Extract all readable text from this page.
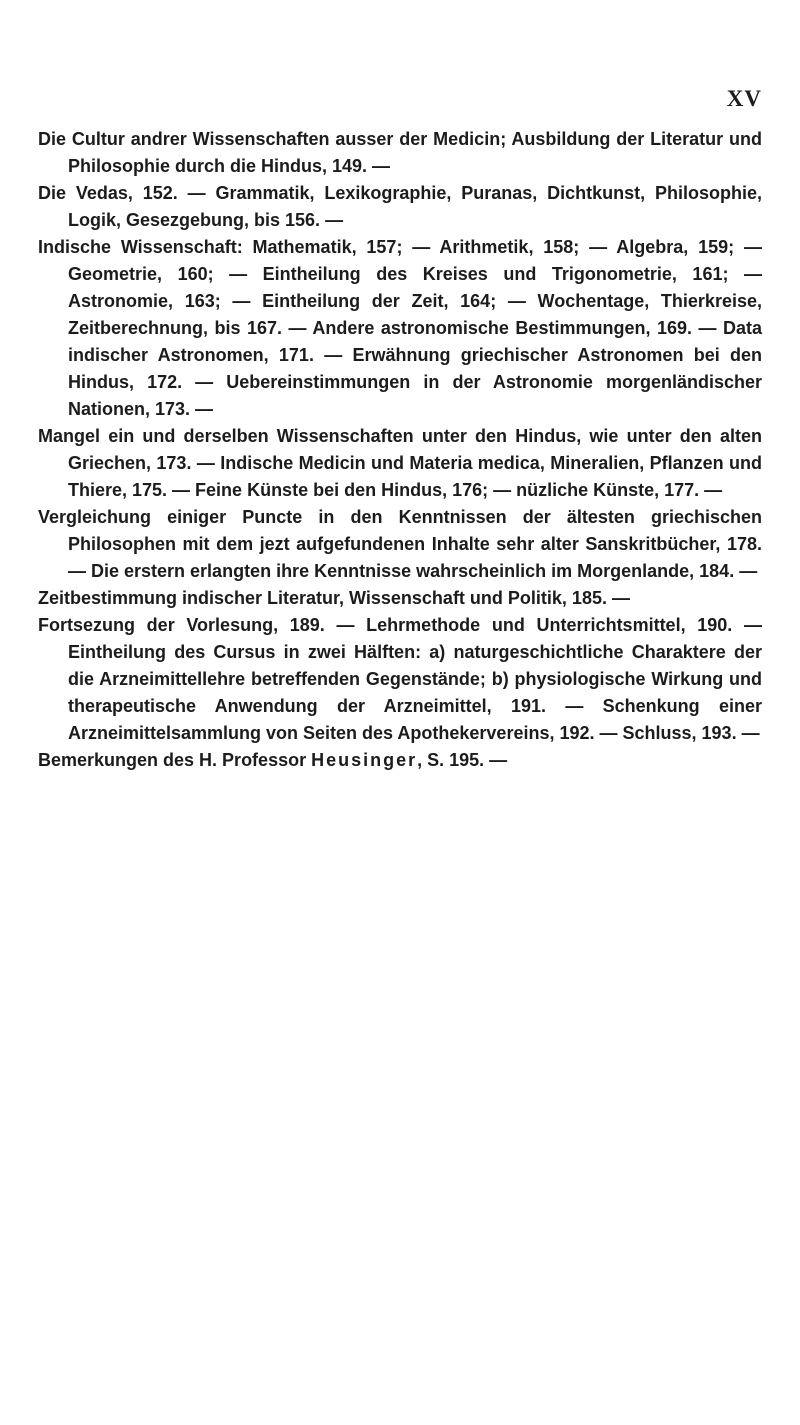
XV

Die Cultur andrer Wissenschaften ausser der Medicin; Ausbildung der Literatur und Philosophie durch die Hindus, 149. —
Die Vedas, 152. — Grammatik, Lexikographie, Puranas, Dichtkunst, Philosophie, Logik, Gesezgebung, bis 156. —
Indische Wissenschaft: Mathematik, 157; — Arithmetik, 158; — Algebra, 159; — Geometrie, 160; — Eintheilung des Kreises und Trigonometrie, 161; — Astronomie, 163; — Eintheilung der Zeit, 164; — Wochentage, Thierkreise, Zeitberechnung, bis 167. — Andere astronomische Bestimmungen, 169. — Data indischer Astronomen, 171. — Erwähnung griechischer Astronomen bei den Hindus, 172. — Uebereinstimmungen in der Astronomie morgenländischer Nationen, 173. —
Mangel ein und derselben Wissenschaften unter den Hindus, wie unter den alten Griechen, 173. — Indische Medicin und Materia medica, Mineralien, Pflanzen und Thiere, 175. — Feine Künste bei den Hindus, 176; — nüzliche Künste, 177. —
Vergleichung einiger Puncte in den Kenntnissen der ältesten griechischen Philosophen mit dem jezt aufgefundenen Inhalte sehr alter Sanskritbücher, 178. — Die erstern erlangten ihre Kenntnisse wahrscheinlich im Morgenlande, 184. —
Zeitbestimmung indischer Literatur, Wissenschaft und Politik, 185. —
Fortsezung der Vorlesung, 189. — Lehrmethode und Unterrichtsmittel, 190. — Eintheilung des Cursus in zwei Hälften: a) naturgeschichtliche Charaktere der die Arzneimittellehre betreffenden Gegenstände; b) physiologische Wirkung und therapeutische Anwendung der Arzneimittel, 191. — Schenkung einer Arzneimittelsammlung von Seiten des Apothekervereins, 192. — Schluss, 193. —
Bemerkungen des H. Professor Heusinger, S. 195. —
